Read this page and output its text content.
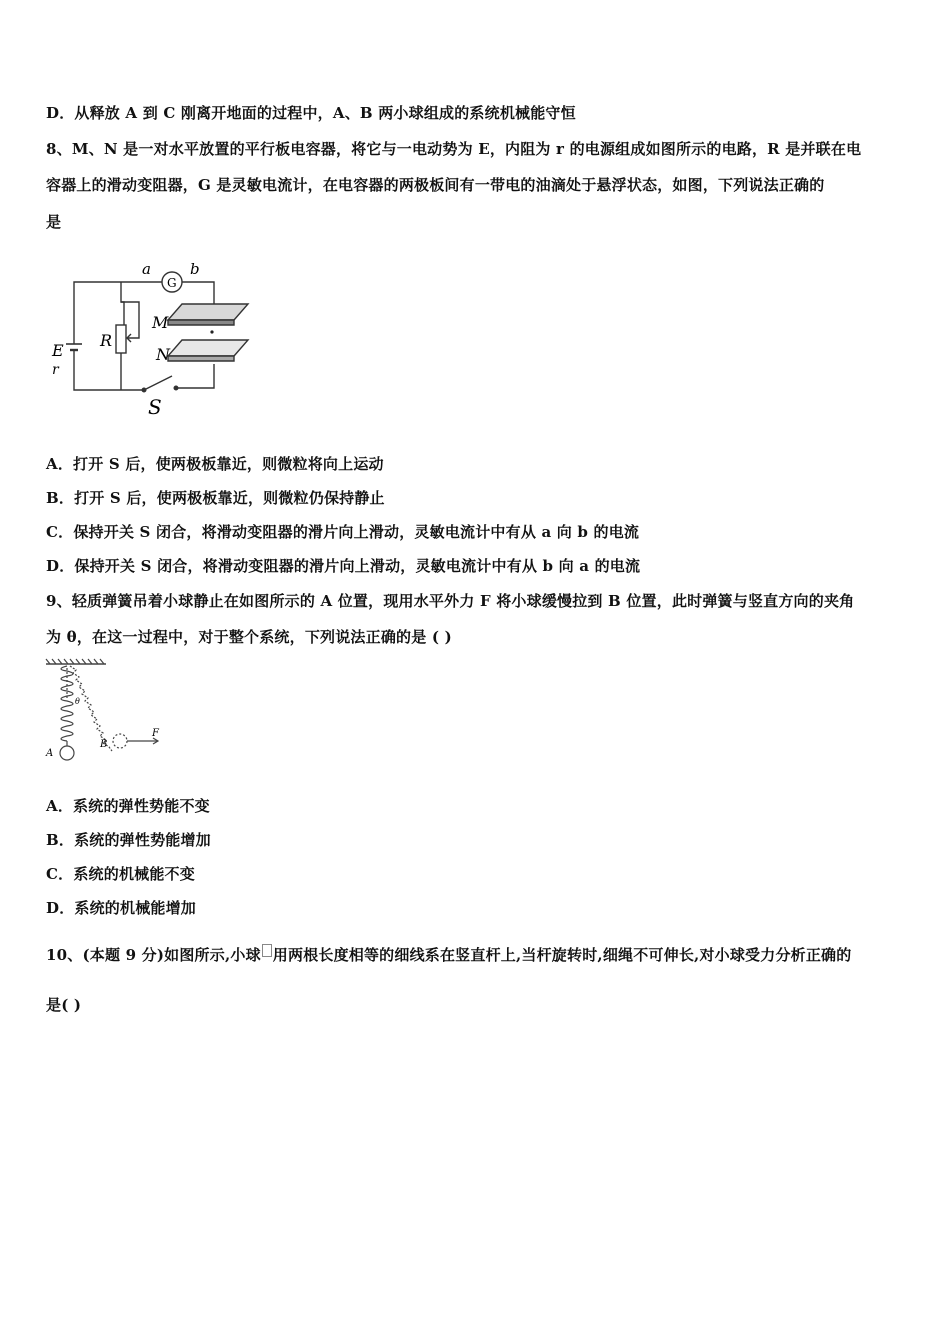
D．从释放 A 到 C 刚离开地面的过程中，A、B 两小球组成的系统机械能守恒
8、M、N 是一对水平放置的平行板电容器，将它与一电动势为 E，内阻为 r 的电源组成如图所示的电路，R 是并联在电
容器上的滑动变阻器，G 是灵敏电流计，在电容器的两极板间有一带电的油滴处于悬浮状态，如图，下列说法正确的
是
a
G
b
M
N
R
E
r
S
A．打开 S 后，使两极板靠近，则微粒将向上运动
B．打开 S 后，使两极板靠近，则微粒仍保持静止
C．保持开关 S 闭合，将滑动变阻器的滑片向上滑动，灵敏电流计中有从 a 向 b 的电流
D．保持开关 S 闭合，将滑动变阻器的滑片向上滑动，灵敏电流计中有从 b 向 a 的电流
9、轻质弹簧吊着小球静止在如图所示的 A 位置，现用水平外力 F 将小球缓慢拉到 B 位置，此时弹簧与竖直方向的夹角
为 θ，在这一过程中，对于整个系统，下列说法正确的是 ( )
θ
A
B
F
A．系统的弹性势能不变
B．系统的弹性势能增加
C．系统的机械能不变
D．系统的机械能增加
10、(本题 9 分)如图所示,小球 用两根长度相等的细线系在竖直杆上,当杆旋转时,细绳不可伸长,对小球受力分析正确的
是( )
